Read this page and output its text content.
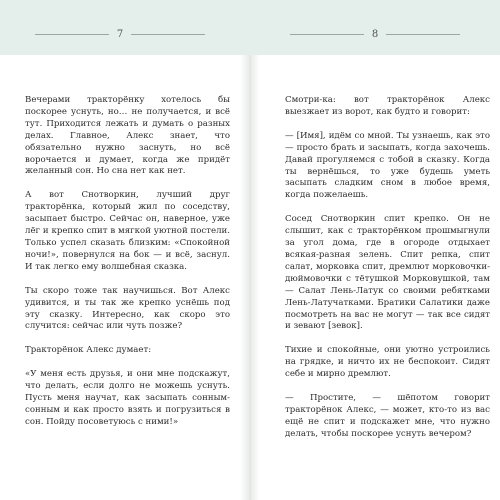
7	8

Вечерами тракторёнку хотелось бы поскорее уснуть, но… не получается, и всё тут. Приходится лежать и думать о разных делах. Главное, Алекс знает, что обязательно нужно заснуть, но всё ворочается и думает, когда же придёт желанный сон. Но сна нет как нет.

А вот Снотворкин, лучший друг тракторёнка, который жил по соседству, засыпает быстро. Сейчас он, наверное, уже лёг и крепко спит в мягкой уютной постели. Только успел сказать близким: «Спокойной ночи!», повернулся на бок — и всё, заснул. И так легко ему волшебная сказка.

Ты скоро тоже так научишься. Вот Алекс удивится, и ты так же крепко уснёшь под эту сказку. Интересно, как скоро это случится: сейчас или чуть позже?

Тракторёнок Алекс думает:

«У меня есть друзья, и они мне подскажут, что делать, если долго не можешь уснуть. Пусть меня научат, как засыпать сонным-сонным и как просто взять и погрузиться в сон. Пойду посоветуюсь с ними!»

Смотри-ка: вот тракторёнок Алекс выезжает из ворот, как будто и говорит:

— [Имя], идём со мной. Ты узнаешь, как это — просто брать и засыпать, когда захочешь. Давай прогуляемся с тобой в сказку. Когда ты вернёшься, то уже будешь уметь засыпать сладким сном в любое время, когда пожелаешь.

Сосед Снотворкин спит крепко. Он не слышит, как с тракторёнком прошмыгнули за угол дома, где в огороде отдыхает всякая-разная зелень. Спит репка, спит салат, морковка спит, дремлют морковочки-дюймовочки с тётушкой Морковушкой, там — Салат Лень-Латук со своими ребятками Лень-Латучатками. Братики Салатики даже посмотреть на вас не могут — так все сидят и зевают [зевок].

Тихие и спокойные, они уютно устроились на грядке, и ничто их не беспокоит. Сидят себе и мирно дремлют.

— Простите, — шёпотом говорит тракторёнок Алекс, — может, кто-то из вас ещё не спит и подскажет мне, что нужно делать, чтобы поскорее уснуть вечером?
